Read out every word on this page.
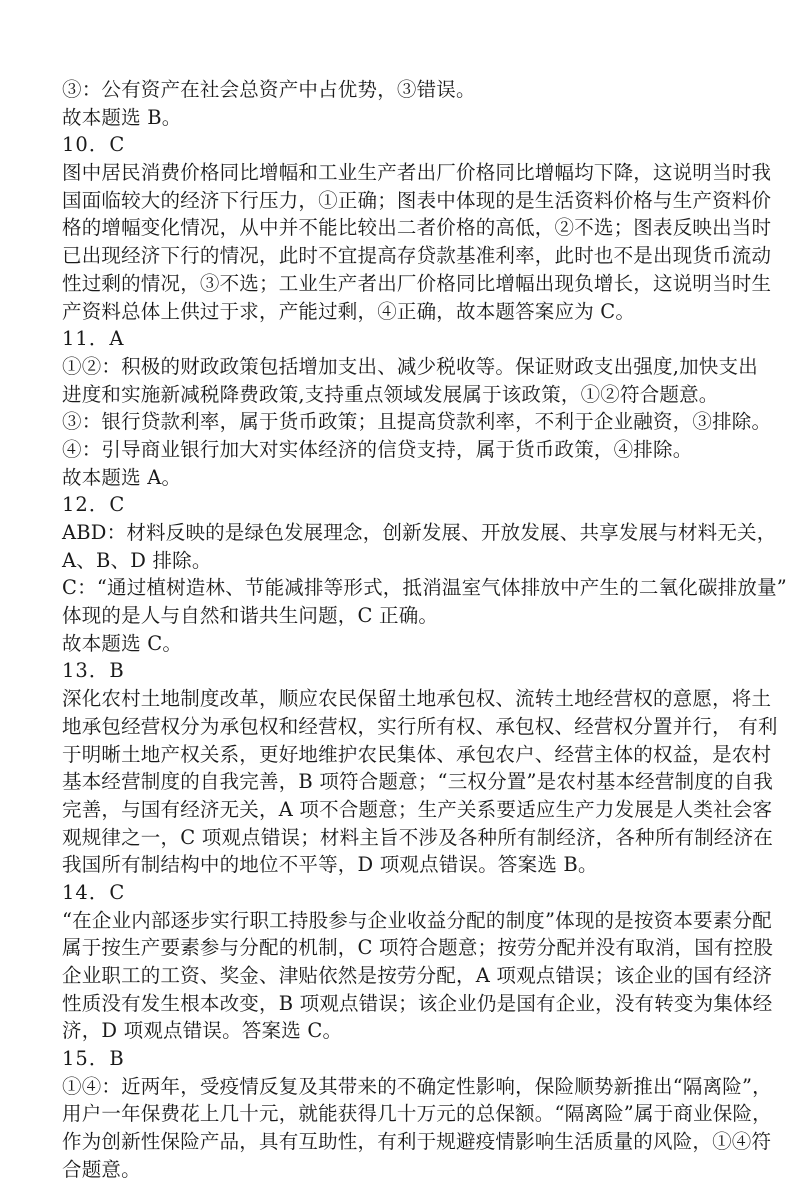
③：公有资产在社会总资产中占优势，③错误。
故本题选 B。
10．C
图中居民消费价格同比增幅和工业生产者出厂价格同比增幅均下降，这说明当时我
国面临较大的经济下行压力，①正确；图表中体现的是生活资料价格与生产资料价
格的增幅变化情况，从中并不能比较出二者价格的高低，②不选；图表反映出当时
已出现经济下行的情况，此时不宜提高存贷款基准利率，此时也不是出现货币流动
性过剩的情况，③不选；工业生产者出厂价格同比增幅出现负增长，这说明当时生
产资料总体上供过于求，产能过剩，④正确，故本题答案应为 C。
11．A
①②：积极的财政政策包括增加支出、减少税收等。保证财政支出强度,加快支出
进度和实施新减税降费政策,支持重点领域发展属于该政策，①②符合题意。
③：银行贷款利率，属于货币政策；且提高贷款利率，不利于企业融资，③排除。
④：引导商业银行加大对实体经济的信贷支持，属于货币政策，④排除。
故本题选 A。
12．C
ABD：材料反映的是绿色发展理念，创新发展、开放发展、共享发展与材料无关，
A、B、D 排除。
C：“通过植树造林、节能减排等形式，抵消温室气体排放中产生的二氧化碳排放量”
体现的是人与自然和谐共生问题，C 正确。
故本题选 C。
13．B
深化农村土地制度改革，顺应农民保留土地承包权、流转土地经营权的意愿，将土
地承包经营权分为承包权和经营权，实行所有权、承包权、经营权分置并行， 有利
于明晰土地产权关系，更好地维护农民集体、承包农户、经营主体的权益，是农村
基本经营制度的自我完善，B 项符合题意；“三权分置”是农村基本经营制度的自我
完善，与国有经济无关，A 项不合题意；生产关系要适应生产力发展是人类社会客
观规律之一，C 项观点错误；材料主旨不涉及各种所有制经济，各种所有制经济在
我国所有制结构中的地位不平等，D 项观点错误。答案选 B。
14．C
“在企业内部逐步实行职工持股参与企业收益分配的制度”体现的是按资本要素分配
属于按生产要素参与分配的机制，C 项符合题意；按劳分配并没有取消，国有控股
企业职工的工资、奖金、津贴依然是按劳分配，A 项观点错误；该企业的国有经济
性质没有发生根本改变，B 项观点错误；该企业仍是国有企业，没有转变为集体经
济，D 项观点错误。答案选 C。
15．B
①④：近两年，受疫情反复及其带来的不确定性影响，保险顺势新推出“隔离险”，
用户一年保费花上几十元，就能获得几十万元的总保额。“隔离险”属于商业保险，
作为创新性保险产品，具有互助性，有利于规避疫情影响生活质量的风险，①④符
合题意。
